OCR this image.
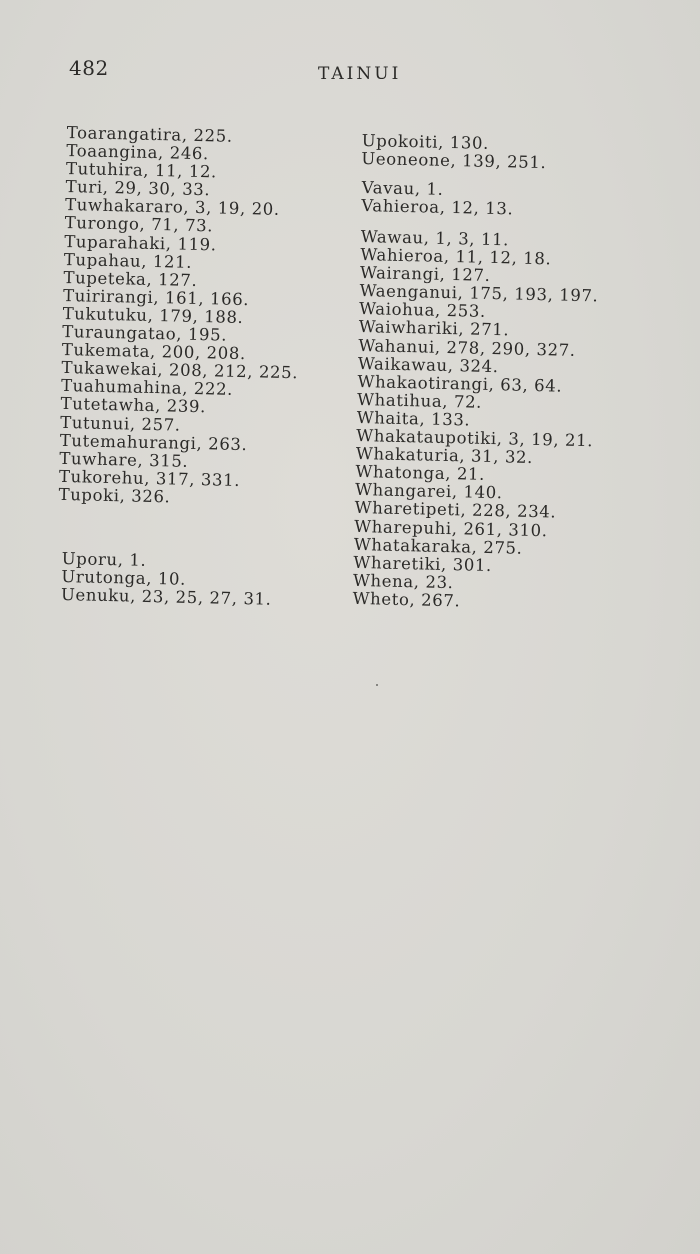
482	TAINUI
Toarangatira, 225.
Toaangina, 246.
Tutuhira, 11, 12.
Turi, 29, 30, 33.
Tuwhakararo, 3, 19, 20.
Turongo, 71, 73.
Tuparahaki, 119.
Tupahau, 121.
Tupeteka, 127.
Tuirirangi, 161, 166.
Tukutuku, 179, 188.
Turaungatao, 195.
Tukemata, 200, 208.
Tukawekai, 208, 212, 225.
Tuahumahina, 222.
Tutetawha, 239.
Tutunui, 257.
Tutemahurangi, 263.
Tuwhare, 315.
Tukorehu, 317, 331.
Tupoki, 326.
Uporu, 1.
Urutonga, 10.
Uenuku, 23, 25, 27, 31.
Upokoiti, 130.
Ueoneone, 139, 251.
Vavau, 1.
Vahieroa, 12, 13.
Wawau, 1, 3, 11.
Wahieroa, 11, 12, 18.
Wairangi, 127.
Waenganui, 175, 193, 197.
Waiohua, 253.
Waiwhariki, 271.
Wahanui, 278, 290, 327.
Waikawau, 324.
Whakaotirangi, 63, 64.
Whatihua, 72.
Whaita, 133.
Whakataupotiki, 3, 19, 21.
Whakaturia, 31, 32.
Whatonga, 21.
Whangarei, 140.
Wharetipeti, 228, 234.
Wharepuhi, 261, 310.
Whatakaraka, 275.
Wharetiki, 301.
Whena, 23.
Wheto, 267.
